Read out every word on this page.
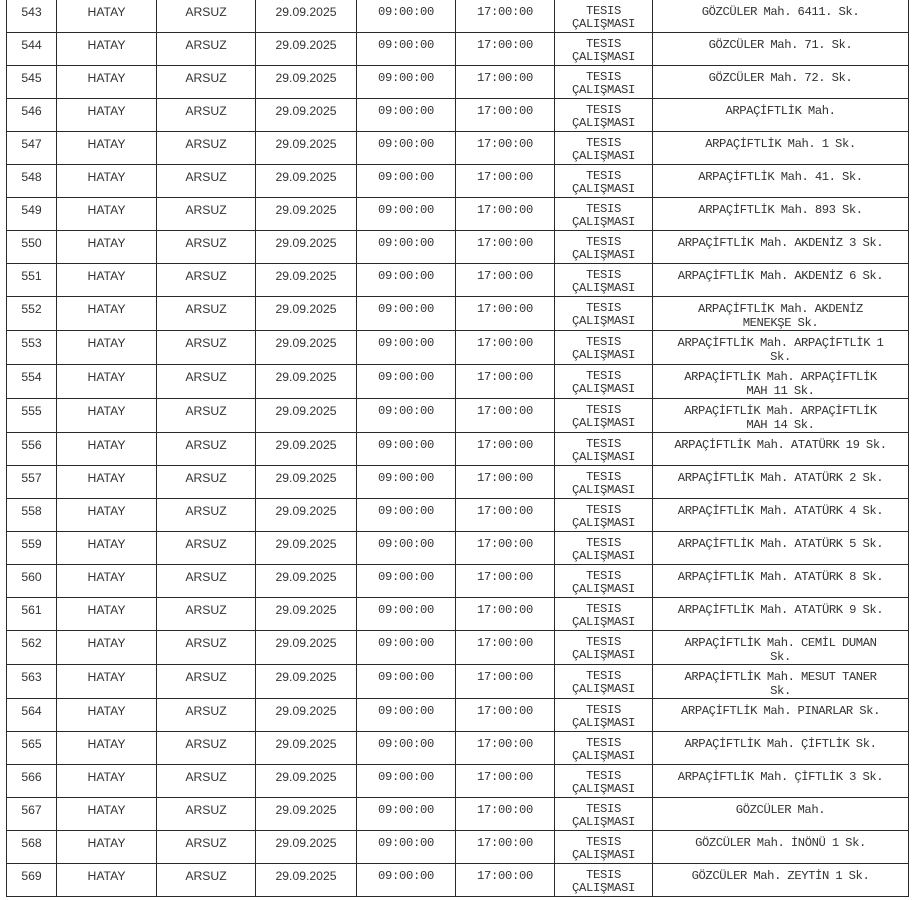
543	HATAY	ARSUZ	29.09.2025	09:00:00	17:00:00	TESIS
ÇALIŞMASI	GÖZCÜLER Mah. 6411. Sk.

544	HATAY	ARSUZ	29.09.2025	09:00:00	17:00:00	TESIS
ÇALIŞMASI	GÖZCÜLER Mah. 71. Sk.

545	HATAY	ARSUZ	29.09.2025	09:00:00	17:00:00	TESIS
ÇALIŞMASI	GÖZCÜLER Mah. 72. Sk.

546	HATAY	ARSUZ	29.09.2025	09:00:00	17:00:00	TESIS
ÇALIŞMASI	ARPAÇİFTLİK Mah.

547	HATAY	ARSUZ	29.09.2025	09:00:00	17:00:00	TESIS
ÇALIŞMASI	ARPAÇİFTLİK Mah. 1 Sk.

548	HATAY	ARSUZ	29.09.2025	09:00:00	17:00:00	TESIS
ÇALIŞMASI	ARPAÇİFTLİK Mah. 41. Sk.

549	HATAY	ARSUZ	29.09.2025	09:00:00	17:00:00	TESIS
ÇALIŞMASI	ARPAÇİFTLİK Mah. 893 Sk.

550	HATAY	ARSUZ	29.09.2025	09:00:00	17:00:00	TESIS
ÇALIŞMASI	ARPAÇİFTLİK Mah. AKDENİZ 3 Sk.

551	HATAY	ARSUZ	29.09.2025	09:00:00	17:00:00	TESIS
ÇALIŞMASI	ARPAÇİFTLİK Mah. AKDENİZ 6 Sk.

552	HATAY	ARSUZ	29.09.2025	09:00:00	17:00:00	TESIS
ÇALIŞMASI	ARPAÇİFTLİK Mah. AKDENİZ
MENEKŞE Sk.

553	HATAY	ARSUZ	29.09.2025	09:00:00	17:00:00	TESIS
ÇALIŞMASI	ARPAÇİFTLİK Mah. ARPAÇİFTLİK 1
Sk.

554	HATAY	ARSUZ	29.09.2025	09:00:00	17:00:00	TESIS
ÇALIŞMASI	ARPAÇİFTLİK Mah. ARPAÇİFTLİK
MAH 11 Sk.

555	HATAY	ARSUZ	29.09.2025	09:00:00	17:00:00	TESIS
ÇALIŞMASI	ARPAÇİFTLİK Mah. ARPAÇİFTLİK
MAH 14 Sk.

556	HATAY	ARSUZ	29.09.2025	09:00:00	17:00:00	TESIS
ÇALIŞMASI	ARPAÇİFTLİK Mah. ATATÜRK 19 Sk.

557	HATAY	ARSUZ	29.09.2025	09:00:00	17:00:00	TESIS
ÇALIŞMASI	ARPAÇİFTLİK Mah. ATATÜRK 2 Sk.

558	HATAY	ARSUZ	29.09.2025	09:00:00	17:00:00	TESIS
ÇALIŞMASI	ARPAÇİFTLİK Mah. ATATÜRK 4 Sk.

559	HATAY	ARSUZ	29.09.2025	09:00:00	17:00:00	TESIS
ÇALIŞMASI	ARPAÇİFTLİK Mah. ATATÜRK 5 Sk.

560	HATAY	ARSUZ	29.09.2025	09:00:00	17:00:00	TESIS
ÇALIŞMASI	ARPAÇİFTLİK Mah. ATATÜRK 8 Sk.

561	HATAY	ARSUZ	29.09.2025	09:00:00	17:00:00	TESIS
ÇALIŞMASI	ARPAÇİFTLİK Mah. ATATÜRK 9 Sk.

562	HATAY	ARSUZ	29.09.2025	09:00:00	17:00:00	TESIS
ÇALIŞMASI	ARPAÇİFTLİK Mah. CEMİL DUMAN
Sk.

563	HATAY	ARSUZ	29.09.2025	09:00:00	17:00:00	TESIS
ÇALIŞMASI	ARPAÇİFTLİK Mah. MESUT TANER
Sk.

564	HATAY	ARSUZ	29.09.2025	09:00:00	17:00:00	TESIS
ÇALIŞMASI	ARPAÇİFTLİK Mah. PINARLAR Sk.

565	HATAY	ARSUZ	29.09.2025	09:00:00	17:00:00	TESIS
ÇALIŞMASI	ARPAÇİFTLİK Mah. ÇİFTLİK Sk.

566	HATAY	ARSUZ	29.09.2025	09:00:00	17:00:00	TESIS
ÇALIŞMASI	ARPAÇİFTLİK Mah. ÇİFTLİK 3 Sk.

567	HATAY	ARSUZ	29.09.2025	09:00:00	17:00:00	TESIS
ÇALIŞMASI	GÖZCÜLER Mah.

568	HATAY	ARSUZ	29.09.2025	09:00:00	17:00:00	TESIS
ÇALIŞMASI	GÖZCÜLER Mah. İNÖNÜ 1 Sk.

569	HATAY	ARSUZ	29.09.2025	09:00:00	17:00:00	TESIS
ÇALIŞMASI	GÖZCÜLER Mah. ZEYTİN 1 Sk.
